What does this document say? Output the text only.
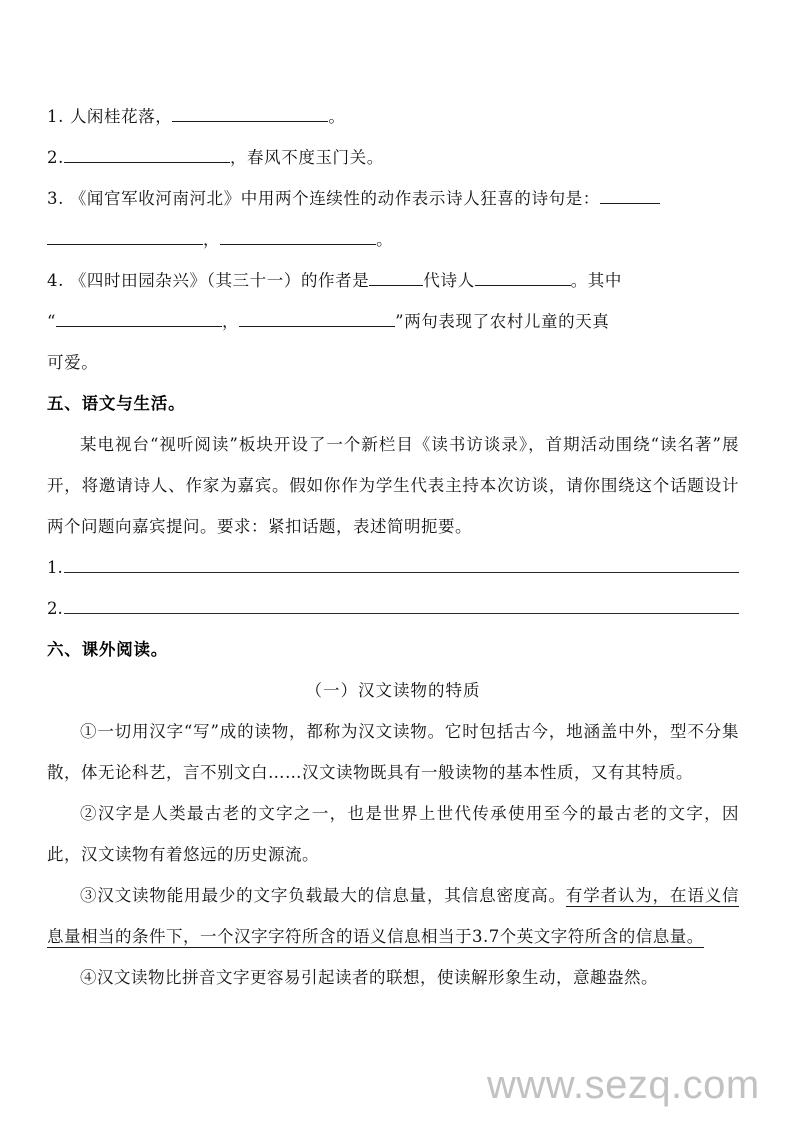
1. 人闲桂花落，	。
2.	，春风不度玉门关。
3. 《闻官军收河南河北》中用两个连续性的动作表示诗人狂喜的诗句是：
，	。
4. 《四时田园杂兴》（其三十一）的作者是	代诗人	。其中
“	，	”两句表现了农村儿童的天真
可爱。
五、语文与生活。
某电视台“视听阅读”板块开设了一个新栏目《读书访谈录》，首期活动围绕“读名著”展开，将邀请诗人、作家为嘉宾。假如你作为学生代表主持本次访谈，请你围绕这个话题设计两个问题向嘉宾提问。要求：紧扣话题，表述简明扼要。
1.
2.
六、课外阅读。
（一）汉文读物的特质
①一切用汉字“写”成的读物，都称为汉文读物。它时包括古今，地涵盖中外，型不分集散，体无论科艺，言不别文白……汉文读物既具有一般读物的基本性质，又有其特质。
②汉字是人类最古老的文字之一，也是世界上世代传承使用至今的最古老的文字，因此，汉文读物有着悠远的历史源流。
③汉文读物能用最少的文字负载最大的信息量，其信息密度高。有学者认为，在语义信息量相当的条件下，一个汉字字符所含的语义信息相当于3.7个英文字符所含的信息量。
④汉文读物比拼音文字更容易引起读者的联想，使读解形象生动，意趣盎然。
www.sezq.com
